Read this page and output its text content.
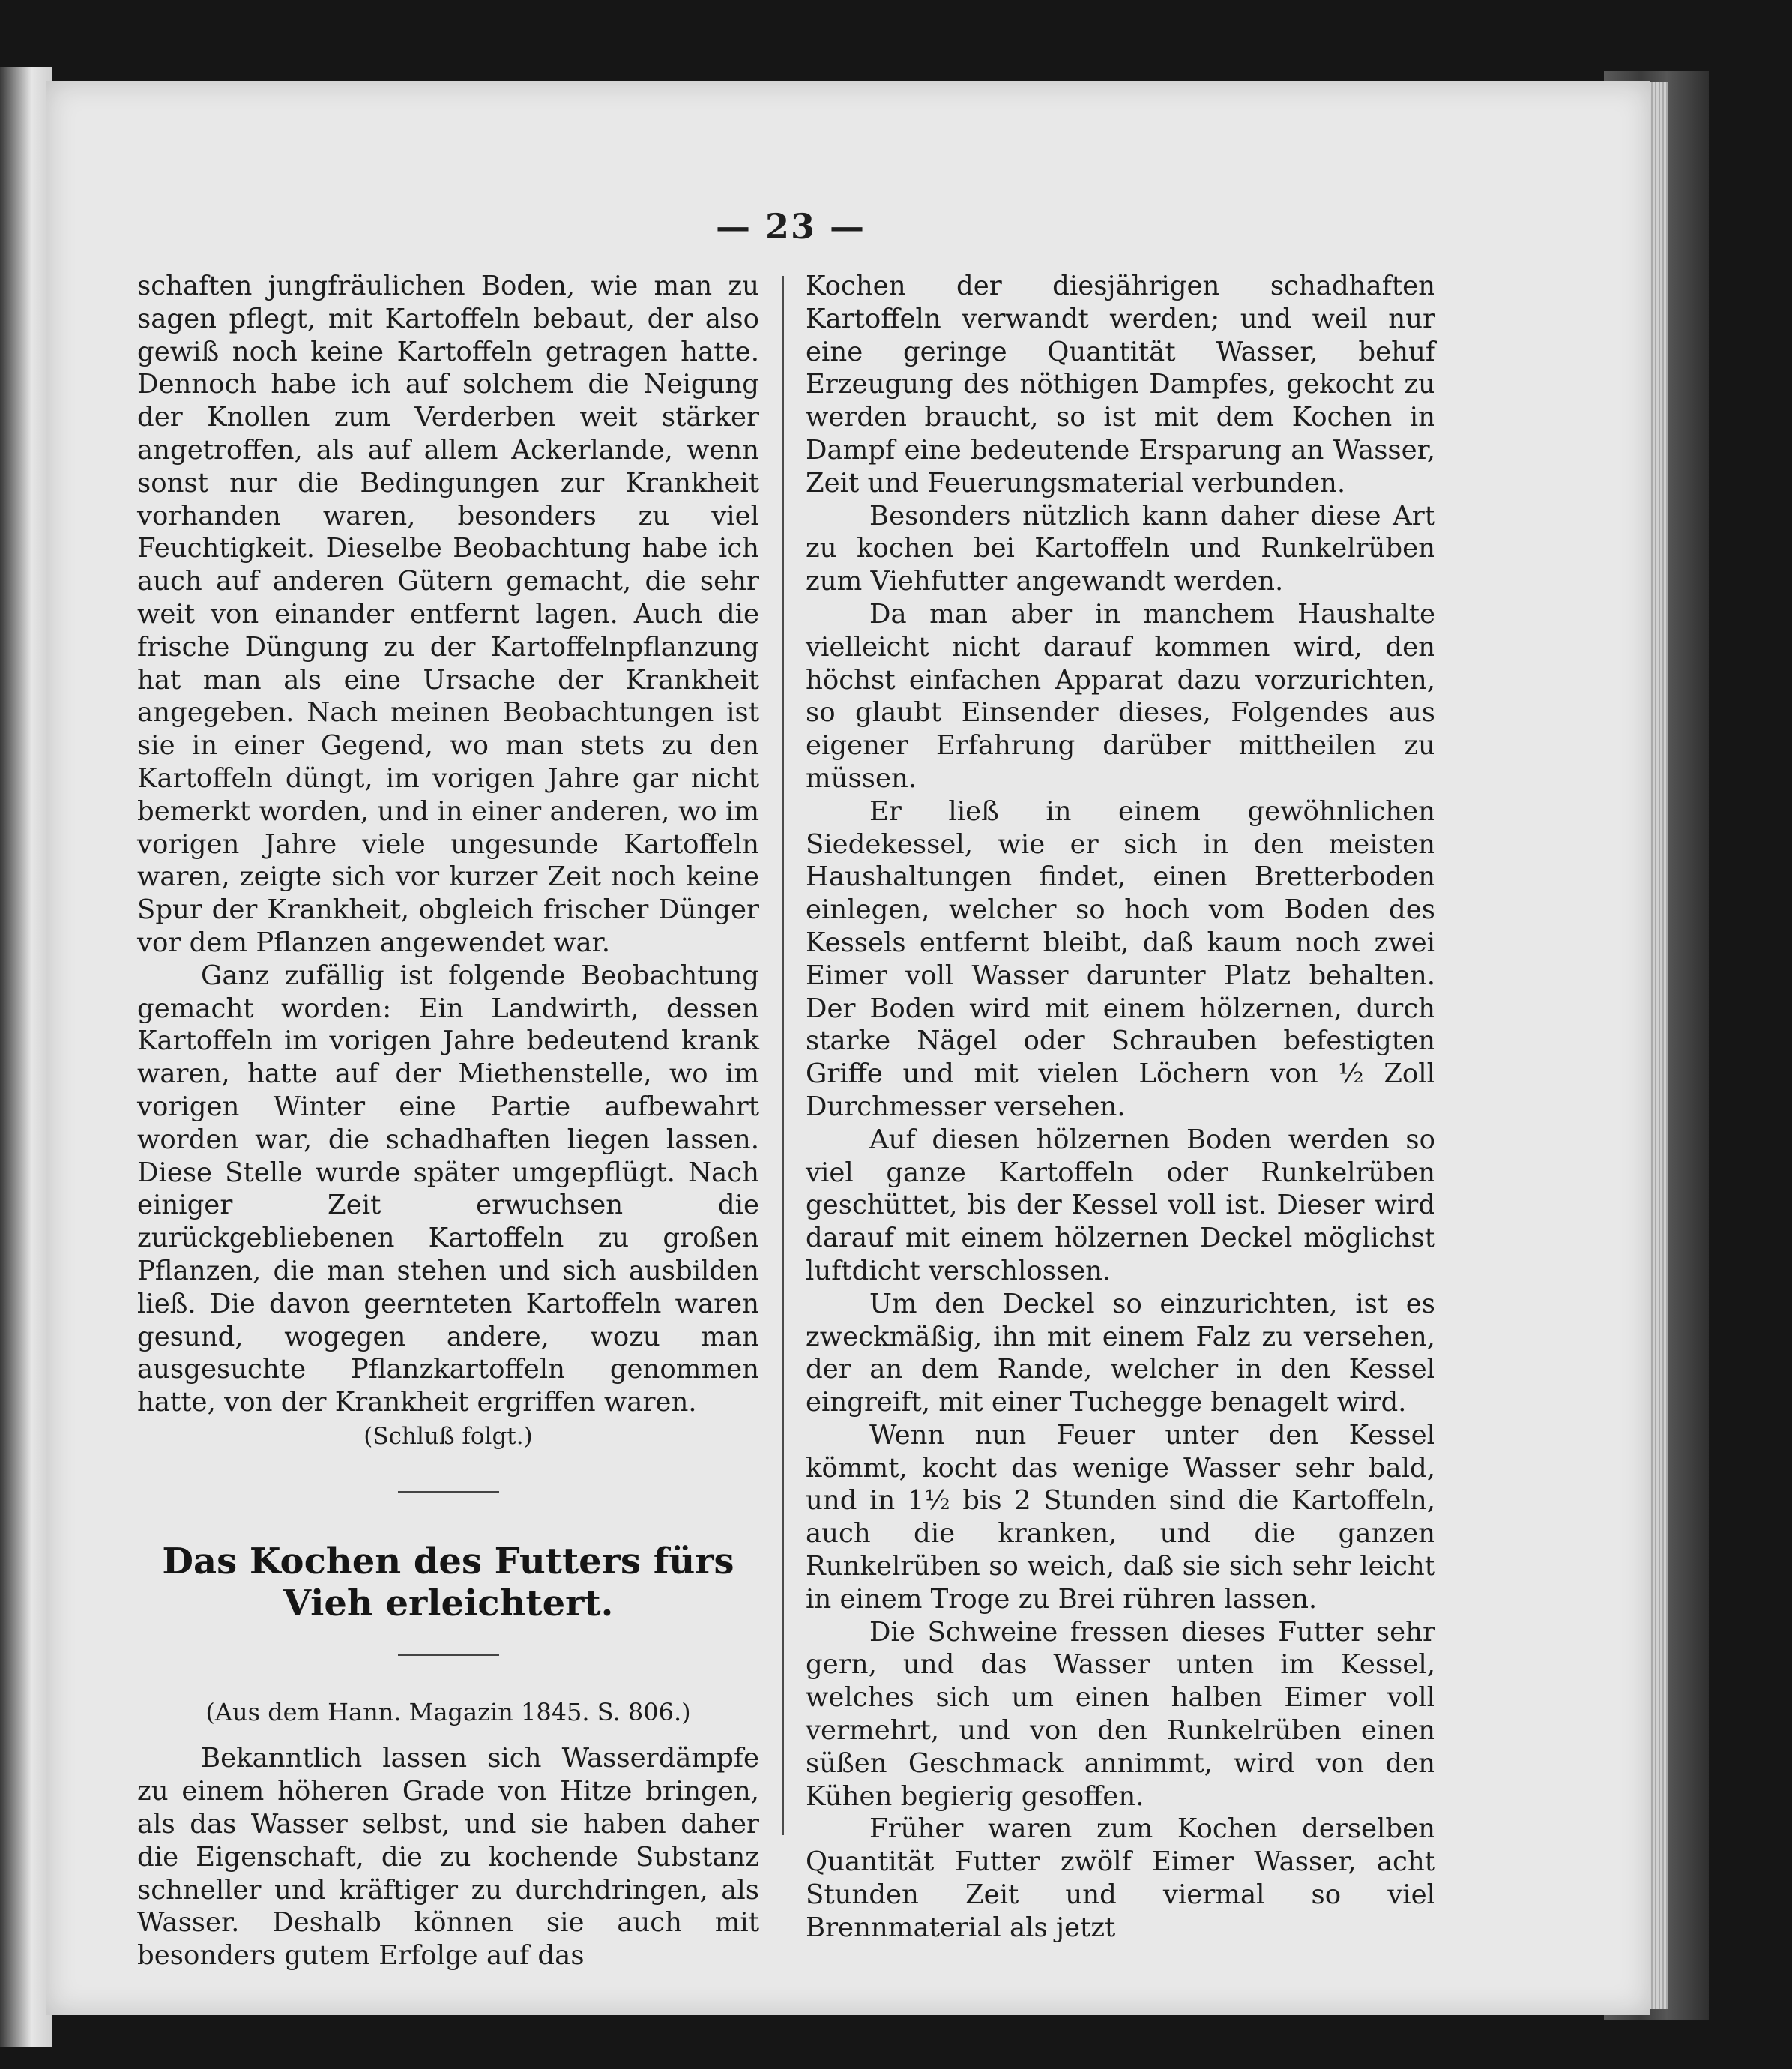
— 23 —

schaften jungfräulichen Boden, wie man zu sagen pflegt, mit Kartoffeln bebaut, der also gewiß noch keine Kartoffeln getragen hatte. Dennoch habe ich auf solchem die Neigung der Knollen zum Verderben weit stärker angetroffen, als auf allem Ackerlande, wenn sonst nur die Bedingungen zur Krankheit vorhanden waren, besonders zu viel Feuchtigkeit. Dieselbe Beobachtung habe ich auch auf anderen Gütern gemacht, die sehr weit von einander entfernt lagen. Auch die frische Düngung zu der Kartoffelnpflanzung hat man als eine Ursache der Krankheit angegeben. Nach meinen Beobachtungen ist sie in einer Gegend, wo man stets zu den Kartoffeln düngt, im vorigen Jahre gar nicht bemerkt worden, und in einer anderen, wo im vorigen Jahre viele ungesunde Kartoffeln waren, zeigte sich vor kurzer Zeit noch keine Spur der Krankheit, obgleich frischer Dünger vor dem Pflanzen angewendet war.

Ganz zufällig ist folgende Beobachtung gemacht worden: Ein Landwirth, dessen Kartoffeln im vorigen Jahre bedeutend krank waren, hatte auf der Miethenstelle, wo im vorigen Winter eine Partie aufbewahrt worden war, die schadhaften liegen lassen. Diese Stelle wurde später umgepflügt. Nach einiger Zeit erwuchsen die zurückgebliebenen Kartoffeln zu großen Pflanzen, die man stehen und sich ausbilden ließ. Die davon geernteten Kartoffeln waren gesund, wogegen andere, wozu man ausgesuchte Pflanzkartoffeln genommen hatte, von der Krankheit ergriffen waren.

(Schluß folgt.)

Das Kochen des Futters fürs Vieh erleichtert.

(Aus dem Hann. Magazin 1845. S. 806.)

Bekanntlich lassen sich Wasserdämpfe zu einem höheren Grade von Hitze bringen, als das Wasser selbst, und sie haben daher die Eigenschaft, die zu kochende Substanz schneller und kräftiger zu durchdringen, als Wasser. Deshalb können sie auch mit besonders gutem Erfolge auf das

Kochen der diesjährigen schadhaften Kartoffeln verwandt werden; und weil nur eine geringe Quantität Wasser, behuf Erzeugung des nöthigen Dampfes, gekocht zu werden braucht, so ist mit dem Kochen in Dampf eine bedeutende Ersparung an Wasser, Zeit und Feuerungsmaterial verbunden.

Besonders nützlich kann daher diese Art zu kochen bei Kartoffeln und Runkelrüben zum Viehfutter angewandt werden.

Da man aber in manchem Haushalte vielleicht nicht darauf kommen wird, den höchst einfachen Apparat dazu vorzurichten, so glaubt Einsender dieses, Folgendes aus eigener Erfahrung darüber mittheilen zu müssen.

Er ließ in einem gewöhnlichen Siedekessel, wie er sich in den meisten Haushaltungen findet, einen Bretterboden einlegen, welcher so hoch vom Boden des Kessels entfernt bleibt, daß kaum noch zwei Eimer voll Wasser darunter Platz behalten. Der Boden wird mit einem hölzernen, durch starke Nägel oder Schrauben befestigten Griffe und mit vielen Löchern von ½ Zoll Durchmesser versehen.

Auf diesen hölzernen Boden werden so viel ganze Kartoffeln oder Runkelrüben geschüttet, bis der Kessel voll ist. Dieser wird darauf mit einem hölzernen Deckel möglichst luftdicht verschlossen.

Um den Deckel so einzurichten, ist es zweckmäßig, ihn mit einem Falz zu versehen, der an dem Rande, welcher in den Kessel eingreift, mit einer Tuchegge benagelt wird.

Wenn nun Feuer unter den Kessel kömmt, kocht das wenige Wasser sehr bald, und in 1½ bis 2 Stunden sind die Kartoffeln, auch die kranken, und die ganzen Runkelrüben so weich, daß sie sich sehr leicht in einem Troge zu Brei rühren lassen.

Die Schweine fressen dieses Futter sehr gern, und das Wasser unten im Kessel, welches sich um einen halben Eimer voll vermehrt, und von den Runkelrüben einen süßen Geschmack annimmt, wird von den Kühen begierig gesoffen.

Früher waren zum Kochen derselben Quantität Futter zwölf Eimer Wasser, acht Stunden Zeit und viermal so viel Brennmaterial als jetzt
